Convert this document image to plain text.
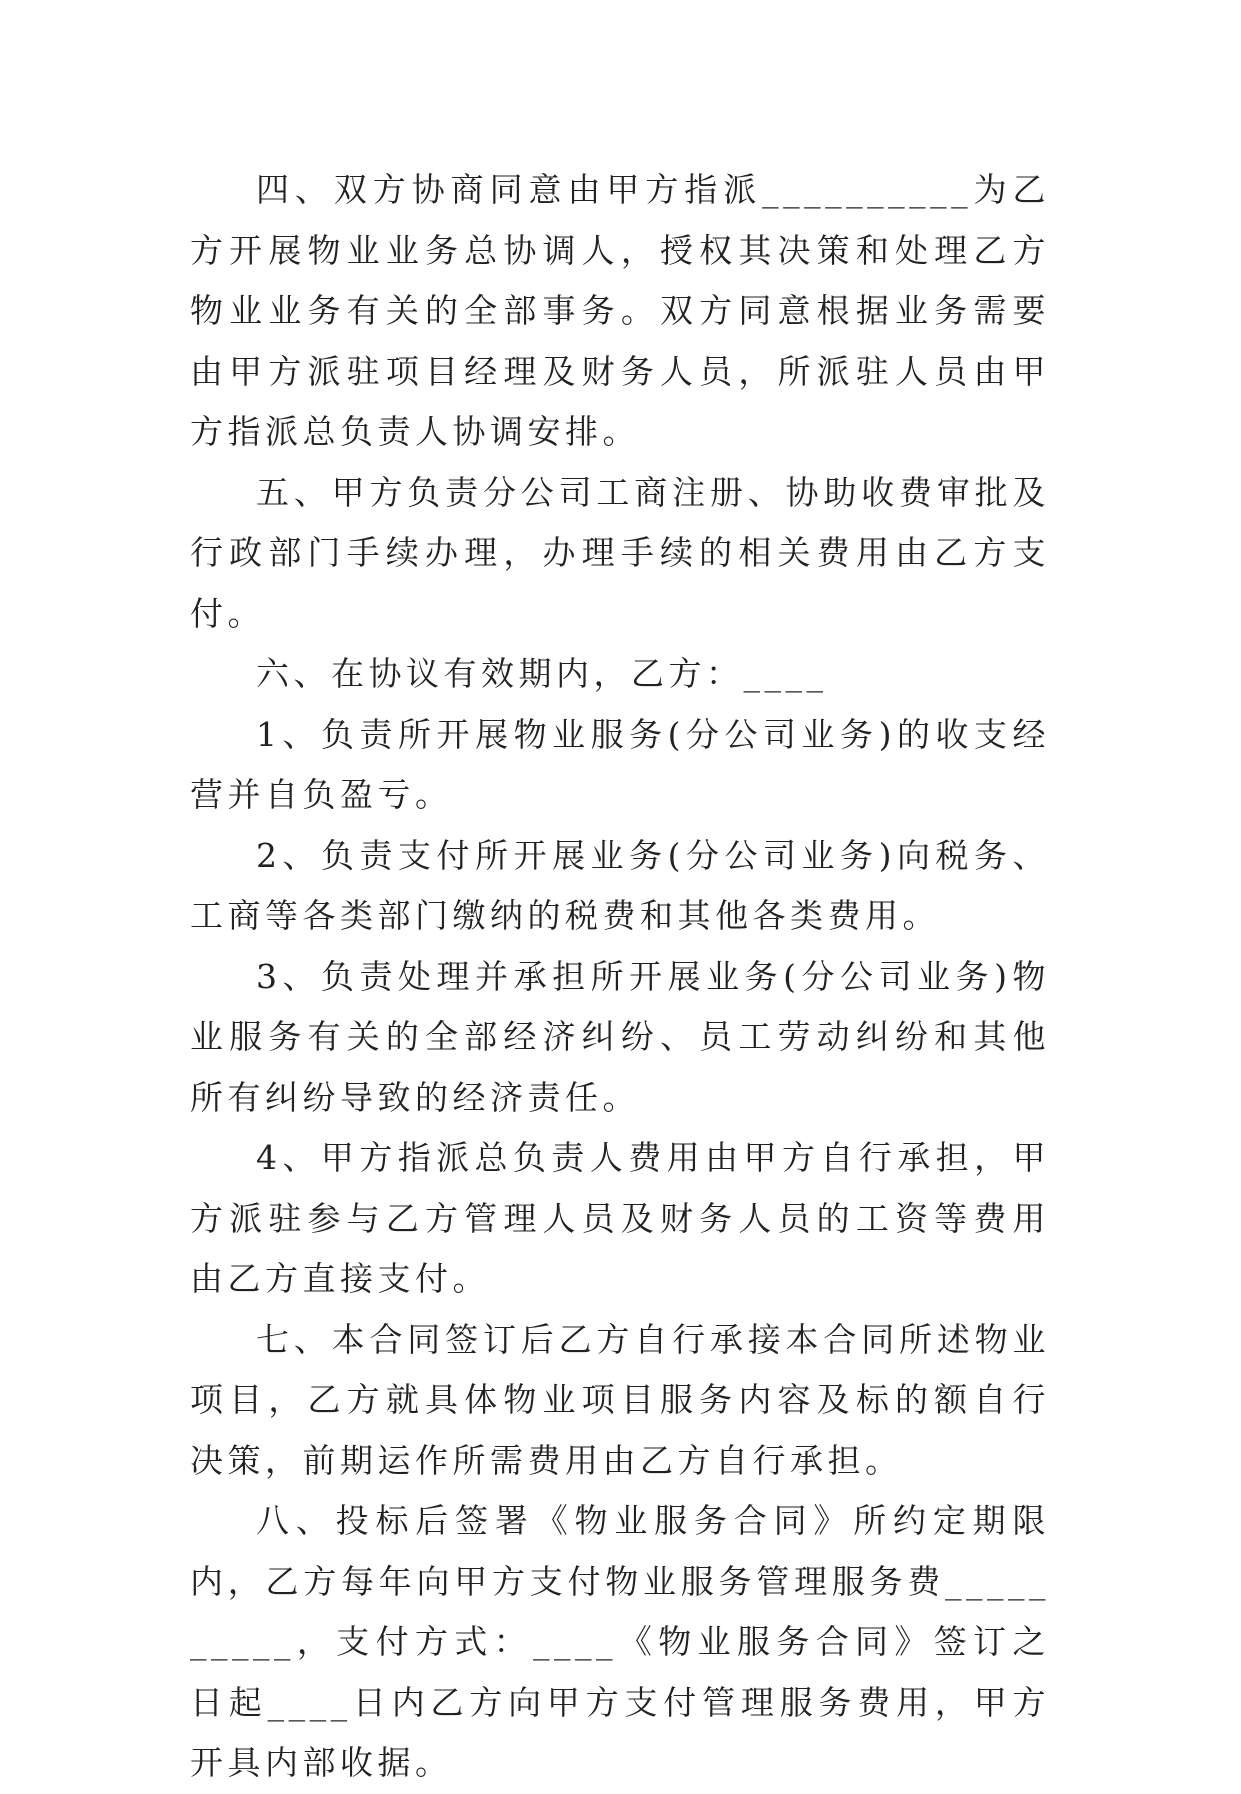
四、双方协商同意由甲方指派__________为乙方开展物业业务总协调人，授权其决策和处理乙方物业业务有关的全部事务。双方同意根据业务需要由甲方派驻项目经理及财务人员，所派驻人员由甲方指派总负责人协调安排。

五、甲方负责分公司工商注册、协助收费审批及行政部门手续办理，办理手续的相关费用由乙方支付。

六、在协议有效期内，乙方：____

1、负责所开展物业服务(分公司业务)的收支经营并自负盈亏。

2、负责支付所开展业务(分公司业务)向税务、工商等各类部门缴纳的税费和其他各类费用。

3、负责处理并承担所开展业务(分公司业务)物业服务有关的全部经济纠纷、员工劳动纠纷和其他所有纠纷导致的经济责任。

4、甲方指派总负责人费用由甲方自行承担，甲方派驻参与乙方管理人员及财务人员的工资等费用由乙方直接支付。

七、本合同签订后乙方自行承接本合同所述物业项目，乙方就具体物业项目服务内容及标的额自行决策，前期运作所需费用由乙方自行承担。

八、投标后签署《物业服务合同》所约定期限内，乙方每年向甲方支付物业服务管理服务费__________，支付方式：____《物业服务合同》签订之日起____日内乙方向甲方支付管理服务费用，甲方开具内部收据。
